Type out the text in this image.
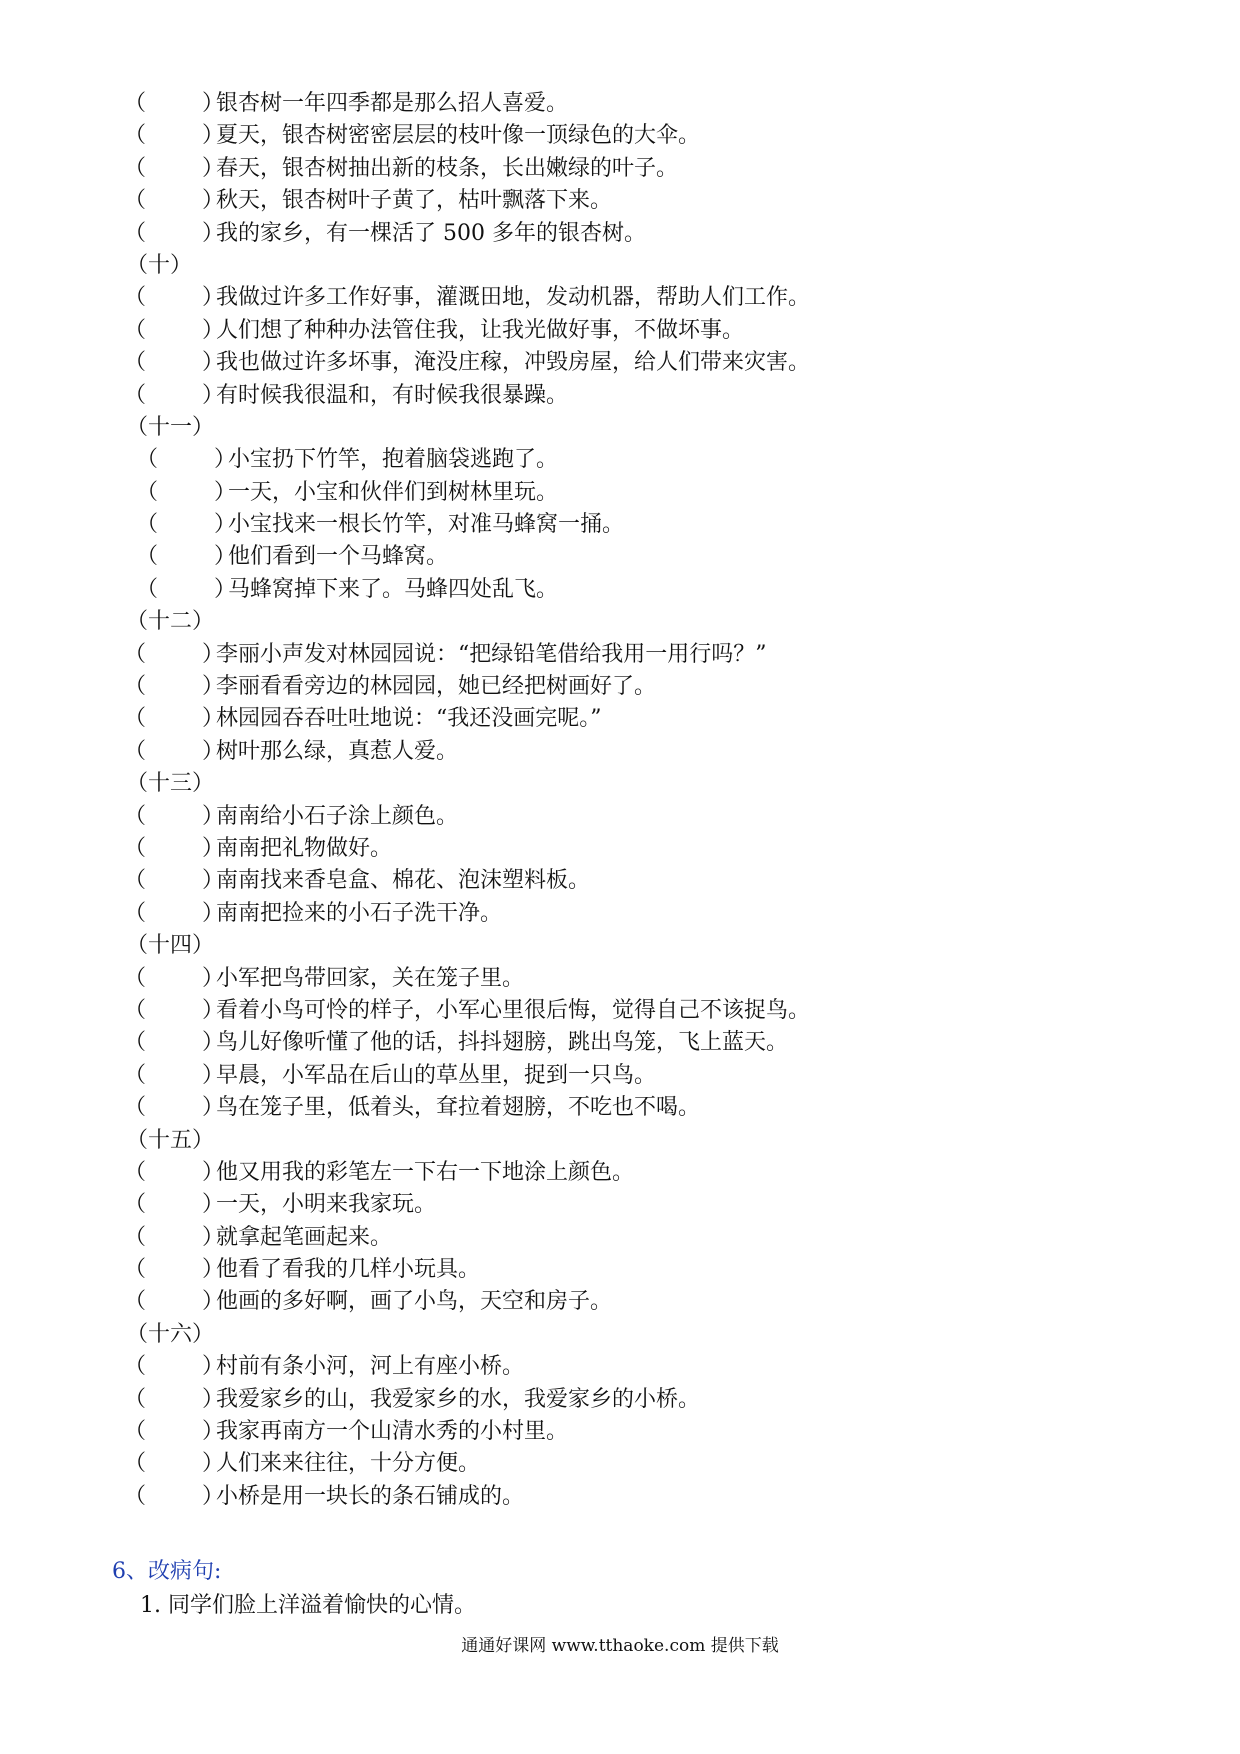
（        ）银杏树一年四季都是那么招人喜爱。
（        ）夏天，银杏树密密层层的枝叶像一顶绿色的大伞。
（        ）春天，银杏树抽出新的枝条，长出嫩绿的叶子。
（        ）秋天，银杏树叶子黄了，枯叶飘落下来。
（        ）我的家乡，有一棵活了 500 多年的银杏树。
（十）
（        ）我做过许多工作好事，灌溉田地，发动机器，帮助人们工作。
（        ）人们想了种种办法管住我，让我光做好事，不做坏事。
（        ）我也做过许多坏事，淹没庄稼，冲毁房屋，给人们带来灾害。
（        ）有时候我很温和，有时候我很暴躁。
（十一）
（        ）小宝扔下竹竿，抱着脑袋逃跑了。
（        ）一天，小宝和伙伴们到树林里玩。
（        ）小宝找来一根长竹竿，对准马蜂窝一捅。
（        ）他们看到一个马蜂窝。
（        ）马蜂窝掉下来了。马蜂四处乱飞。
（十二）
（        ）李丽小声发对林园园说：“把绿铅笔借给我用一用行吗？”
（        ）李丽看看旁边的林园园，她已经把树画好了。
（        ）林园园吞吞吐吐地说：“我还没画完呢。”
（        ）树叶那么绿，真惹人爱。
（十三）
（        ）南南给小石子涂上颜色。
（        ）南南把礼物做好。
（        ）南南找来香皂盒、棉花、泡沫塑料板。
（        ）南南把捡来的小石子洗干净。
（十四）
（        ）小军把鸟带回家，关在笼子里。
（        ）看着小鸟可怜的样子，小军心里很后悔，觉得自己不该捉鸟。
（        ）鸟儿好像听懂了他的话，抖抖翅膀，跳出鸟笼，飞上蓝天。
（        ）早晨，小军品在后山的草丛里，捉到一只鸟。
（        ）鸟在笼子里，低着头，耷拉着翅膀，不吃也不喝。
（十五）
（        ）他又用我的彩笔左一下右一下地涂上颜色。
（        ）一天，小明来我家玩。
（        ）就拿起笔画起来。
（        ）他看了看我的几样小玩具。
（        ）他画的多好啊，画了小鸟，天空和房子。
（十六）
（        ）村前有条小河，河上有座小桥。
（        ）我爱家乡的山，我爱家乡的水，我爱家乡的小桥。
（        ）我家再南方一个山清水秀的小村里。
（        ）人们来来往往，十分方便。
（        ）小桥是用一块长的条石铺成的。
6、改病句:
1. 同学们脸上洋溢着愉快的心情。
通通好课网 www.tthaoke.com 提供下载
